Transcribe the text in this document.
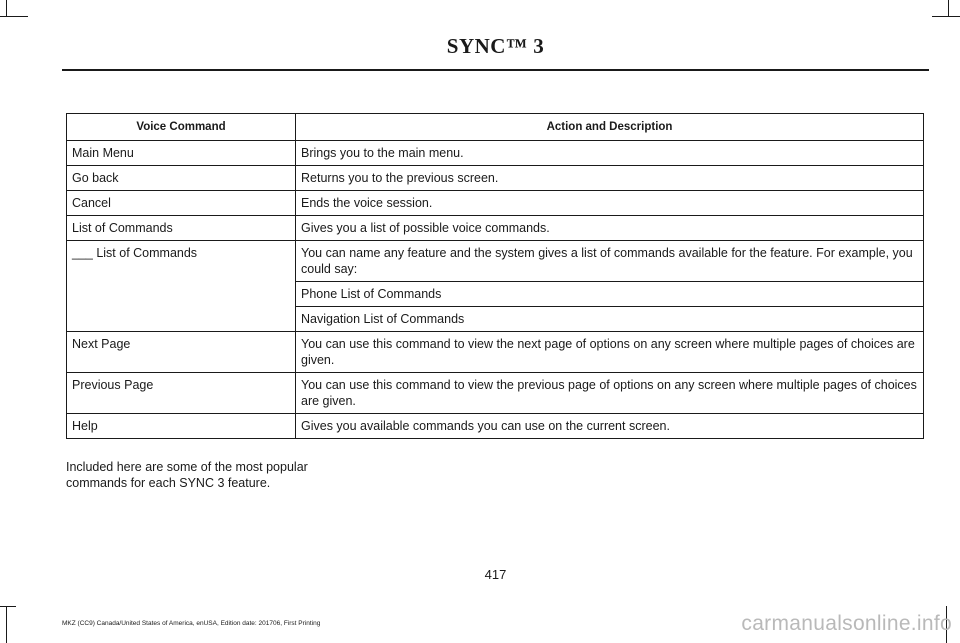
SYNC™ 3
Voice Command	Action and Description
Main Menu	Brings you to the main menu.
Go back	Returns you to the previous screen.
Cancel	Ends the voice session.
List of Commands	Gives you a list of possible voice commands.
___ List of Commands	You can name any feature and the system gives a list of commands available for the feature. For example, you could say:
	Phone List of Commands
	Navigation List of Commands
Next Page	You can use this command to view the next page of options on any screen where multiple pages of choices are given.
Previous Page	You can use this command to view the previous page of options on any screen where multiple pages of choices are given.
Help	Gives you available commands you can use on the current screen.
Included here are some of the most popular commands for each SYNC 3 feature.
417
MKZ (CC9) Canada/United States of America, enUSA, Edition date: 201706, First Printing	carmanualsonline.info
